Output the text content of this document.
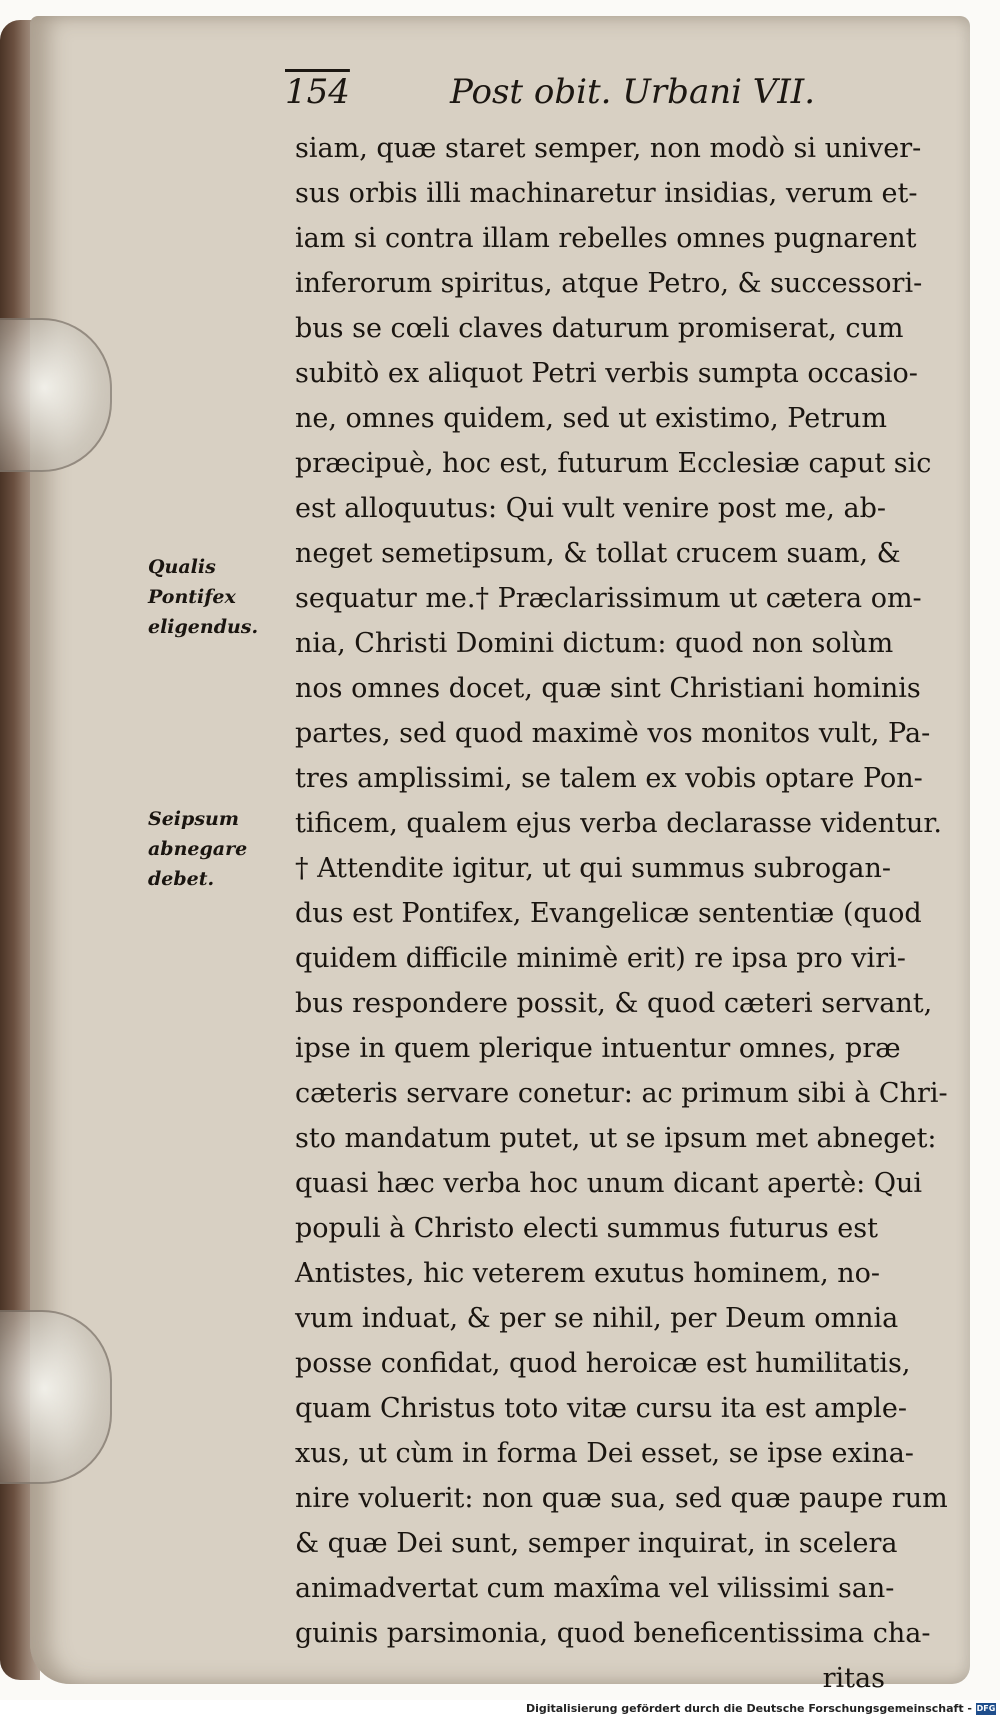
154	Post obit. Urbani VII.
Qualis
Pontifex
eligendus.
Seipsum
abnegare
debet.
siam, quæ staret semper, non modò si univer-
sus orbis illi machinaretur insidias, verum et-
iam si contra illam rebelles omnes pugnarent
inferorum spiritus, atque Petro, & successori-
bus se cœli claves daturum promiserat, cum
subitò ex aliquot Petri verbis sumpta occasio-
ne, omnes quidem, sed ut existimo, Petrum
præcipuè, hoc est, futurum Ecclesiæ caput sic
est alloquutus: Qui vult venire post me, ab-
neget semetipsum, & tollat crucem suam, &
sequatur me.† Præclarissimum ut cætera om-
nia, Christi Domini dictum: quod non solùm
nos omnes docet, quæ sint Christiani hominis
partes, sed quod maximè vos monitos vult, Pa-
tres amplissimi, se talem ex vobis optare Pon-
tificem, qualem ejus verba declarasse videntur.
† Attendite igitur, ut qui summus subrogan-
dus est Pontifex, Evangelicæ sententiæ (quod
quidem difficile minimè erit) re ipsa pro viri-
bus respondere possit, & quod cæteri servant,
ipse in quem plerique intuentur omnes, præ
cæteris servare conetur: ac primum sibi à Chri-
sto mandatum putet, ut se ipsum met abneget:
quasi hæc verba hoc unum dicant apertè: Qui
populi à Christo electi summus futurus est
Antistes, hic veterem exutus hominem, no-
vum induat, & per se nihil, per Deum omnia
posse confidat, quod heroicæ est humilitatis,
quam Christus toto vitæ cursu ita est ample-
xus, ut cùm in forma Dei esset, se ipse exina-
nire voluerit: non quæ sua, sed quæ paupe rum
& quæ Dei sunt, semper inquirat, in scelera
animadvertat cum maxîma vel vilissimi san-
guinis parsimonia, quod beneficentissima cha-
ritas
Digitalisierung gefördert durch die Deutsche Forschungsgemeinschaft - DFG
